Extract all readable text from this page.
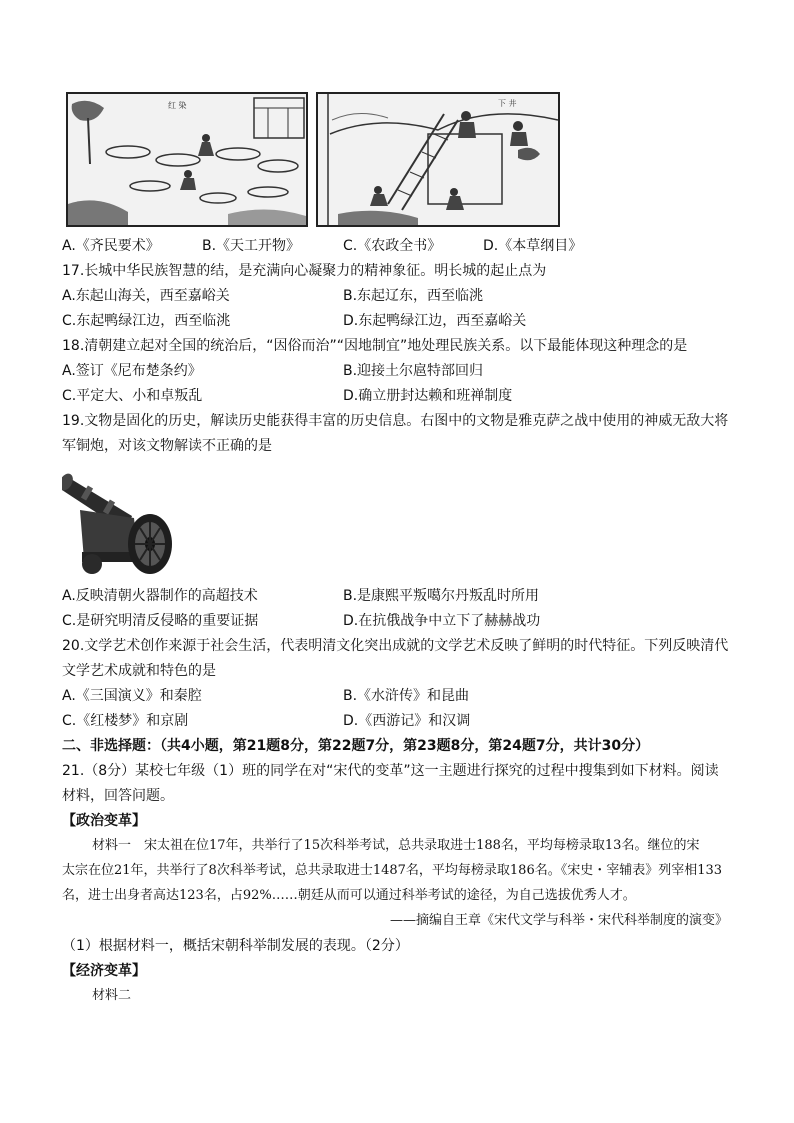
红 染	下 井
A.《齐民要术》	B.《天工开物》	C.《农政全书》	D.《本草纲目》
17.长城中华民族智慧的结，是充满向心凝聚力的精神象征。明长城的起止点为
A.东起山海关，西至嘉峪关	B.东起辽东，西至临洮
C.东起鸭绿江边，西至临洮	D.东起鸭绿江边，西至嘉峪关
18.清朝建立起对全国的统治后，“因俗而治”“因地制宜”地处理民族关系。以下最能体现这种理念的是
A.签订《尼布楚条约》	B.迎接土尔扈特部回归
C.平定大、小和卓叛乱	D.确立册封达赖和班禅制度
19.文物是固化的历史，解读历史能获得丰富的历史信息。右图中的文物是雅克萨之战中使用的神威无敌大将
军铜炮，对该文物解读不正确的是
A.反映清朝火器制作的高超技术	B.是康熙平叛噶尔丹叛乱时所用
C.是研究明清反侵略的重要证据	D.在抗俄战争中立下了赫赫战功
20.文学艺术创作来源于社会生活，代表明清文化突出成就的文学艺术反映了鲜明的时代特征。下列反映清代
文学艺术成就和特色的是
A.《三国演义》和秦腔	B.《水浒传》和昆曲
C.《红楼梦》和京剧	D.《西游记》和汉调
二、非选择题：（共4小题，第21题8分，第22题7分，第23题8分，第24题7分，共计30分）
21.（8分）某校七年级（1）班的同学在对“宋代的变革”这一主题进行探究的过程中搜集到如下材料。阅读
材料，回答问题。
【政治变革】
材料一　宋太祖在位17年，共举行了15次科举考试，总共录取进士188名，平均每榜录取13名。继位的宋
太宗在位21年，共举行了8次科举考试，总共录取进士1487名，平均每榜录取186名。《宋史・宰辅表》列宰相133
名，进士出身者高达123名，占92%……朝廷从而可以通过科举考试的途径，为自己选拔优秀人才。
——摘编自王章《宋代文学与科举・宋代科举制度的演变》
（1）根据材料一，概括宋朝科举制发展的表现。（2分）
【经济变革】
材料二
